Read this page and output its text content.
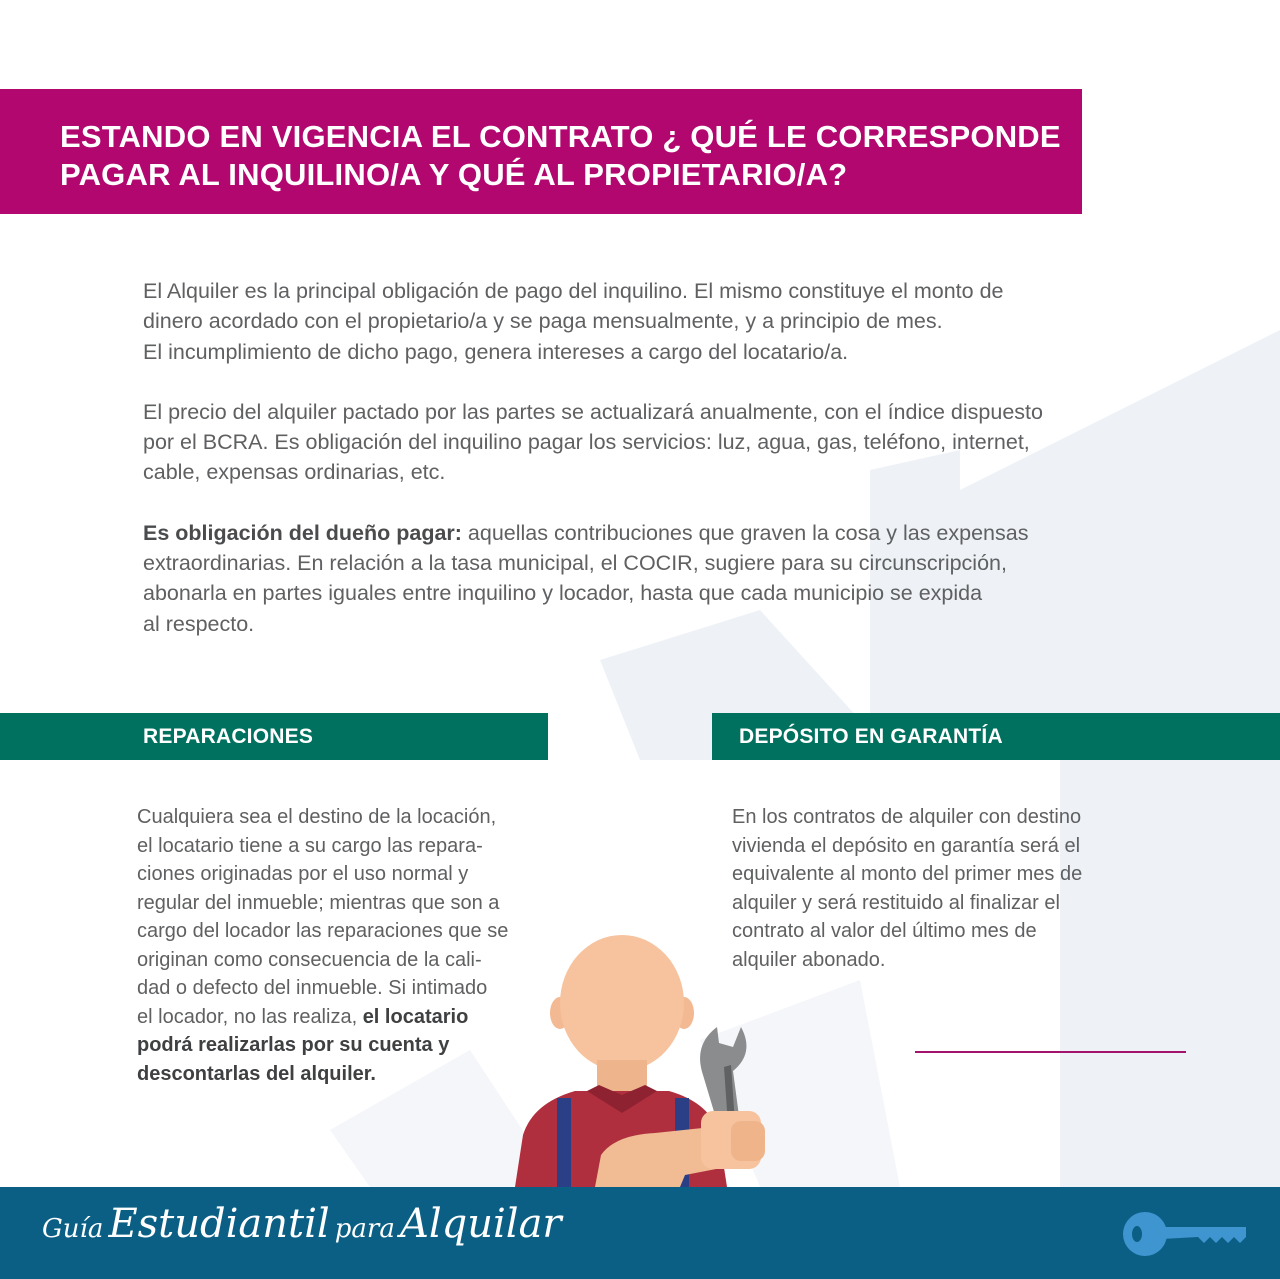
ESTANDO EN VIGENCIA EL CONTRATO ¿ QUÉ LE CORRESPONDE
PAGAR AL INQUILINO/A Y QUÉ AL PROPIETARIO/A?

El Alquiler es la principal obligación de pago del inquilino. El mismo constituye el monto de
dinero acordado con el propietario/a y se paga mensualmente, y a principio de mes.
El incumplimiento de dicho pago, genera intereses a cargo del locatario/a.

El precio del alquiler pactado por las partes se actualizará anualmente, con el índice dispuesto
por el BCRA. Es obligación del inquilino pagar los servicios: luz, agua, gas, teléfono, internet,
cable, expensas ordinarias, etc.

Es obligación del dueño pagar: aquellas contribuciones que graven la cosa y las expensas
extraordinarias. En relación a la tasa municipal, el COCIR, sugiere para su circunscripción,
abonarla en partes iguales entre inquilino y locador, hasta que cada municipio se expida
al respecto.

REPARACIONES	DEPÓSITO EN GARANTÍA
Cualquiera sea el destino de la locación,
el locatario tiene a su cargo las repara-
ciones originadas por el uso normal y
regular del inmueble; mientras que son a
cargo del locador las reparaciones que se
originan como consecuencia de la cali-
dad o defecto del inmueble. Si intimado
el locador, no las realiza, el locatario
podrá realizarlas por su cuenta y
descontarlas del alquiler.
En los contratos de alquiler con destino
vivienda el depósito en garantía será el
equivalente al monto del primer mes de
alquiler y será restituido al finalizar el
contrato al valor del último mes de
alquiler abonado.
Guía Estudiantil para Alquilar
